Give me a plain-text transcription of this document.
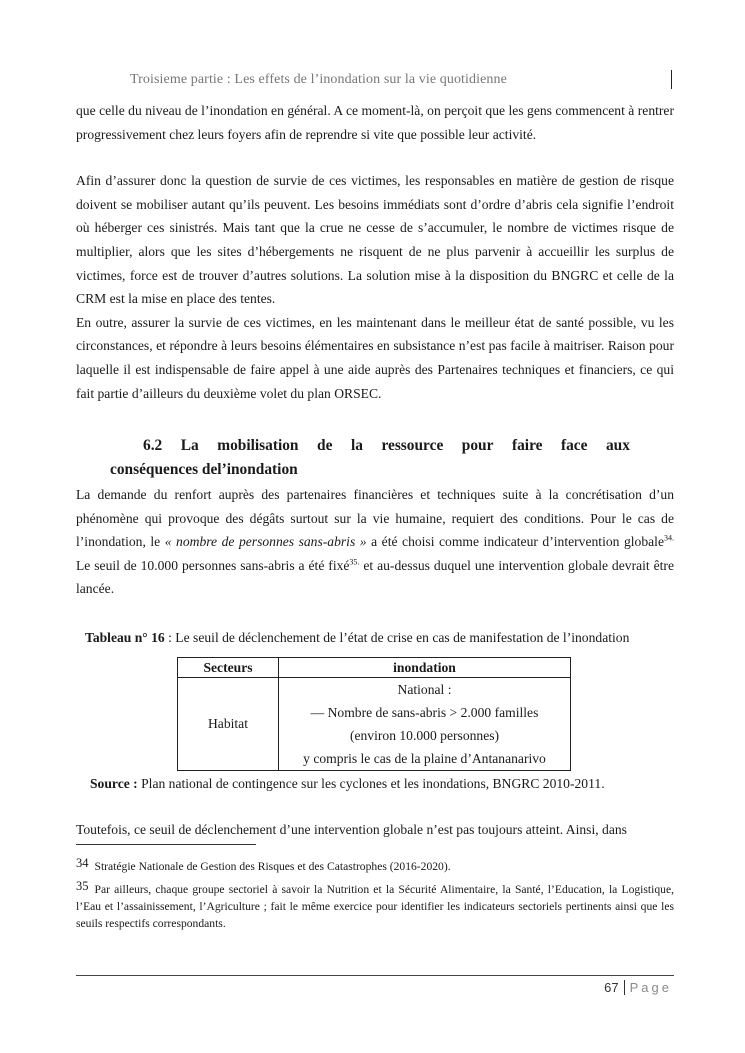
Troisieme partie : Les effets de l’inondation sur la vie quotidienne

que celle du niveau de l’inondation en général. A ce moment-là, on perçoit que les gens commencent à rentrer progressivement chez leurs foyers afin de reprendre si vite que possible leur activité.

Afin d’assurer donc la question de survie de ces victimes, les responsables en matière de gestion de risque doivent se mobiliser autant qu’ils peuvent. Les besoins immédiats sont d’ordre d’abris cela signifie l’endroit où héberger ces sinistrés. Mais tant que la crue ne cesse de s’accumuler, le nombre de victimes risque de multiplier, alors que les sites d’hébergements ne risquent de ne plus parvenir à accueillir les surplus de victimes, force est de trouver d’autres solutions. La solution mise à la disposition du BNGRC et celle de la CRM est la mise en place des tentes.

En outre, assurer la survie de ces victimes, en les maintenant dans le meilleur état de santé possible, vu les circonstances, et répondre à leurs besoins élémentaires en subsistance n’est pas facile à maitriser. Raison pour laquelle il est indispensable de faire appel à une aide auprès des Partenaires techniques et financiers, ce qui fait partie d’ailleurs du deuxième volet du plan ORSEC.

6.2 La mobilisation de la ressource pour faire face aux
conséquences del’inondation

La demande du renfort auprès des partenaires financières et techniques suite à la concrétisation d’un phénomène qui provoque des dégâts surtout sur la vie humaine, requiert des conditions. Pour le cas de l’inondation, le « nombre de personnes sans-abris » a été choisi comme indicateur d’intervention globale$^{34.}$ Le seuil de 10.000 personnes sans-abris a été fixé$^{35.}$ et au-dessus duquel une intervention globale devrait être lancée.

Tableau n° 16 : Le seuil de déclenchement de l’état de crise en cas de manifestation de l’inondation
Secteurs	inondation
Habitat	National :
— Nombre de sans-abris > 2.000 familles
(environ 10.000 personnes)
y compris le cas de la plaine d’Antananarivo
Source : Plan national de contingence sur les cyclones et les inondations, BNGRC 2010-2011.

Toutefois, ce seuil de déclenchement d’une intervention globale n’est pas toujours atteint. Ainsi, dans

34 Stratégie Nationale de Gestion des Risques et des Catastrophes (2016-2020).

35 Par ailleurs, chaque groupe sectoriel à savoir la Nutrition et la Sécurité Alimentaire, la Santé, l’Education, la Logistique, l’Eau et l’assainissement, l’Agriculture ; fait le même exercice pour identifier les indicateurs sectoriels pertinents ainsi que les seuils respectifs correspondants.

67 Page
